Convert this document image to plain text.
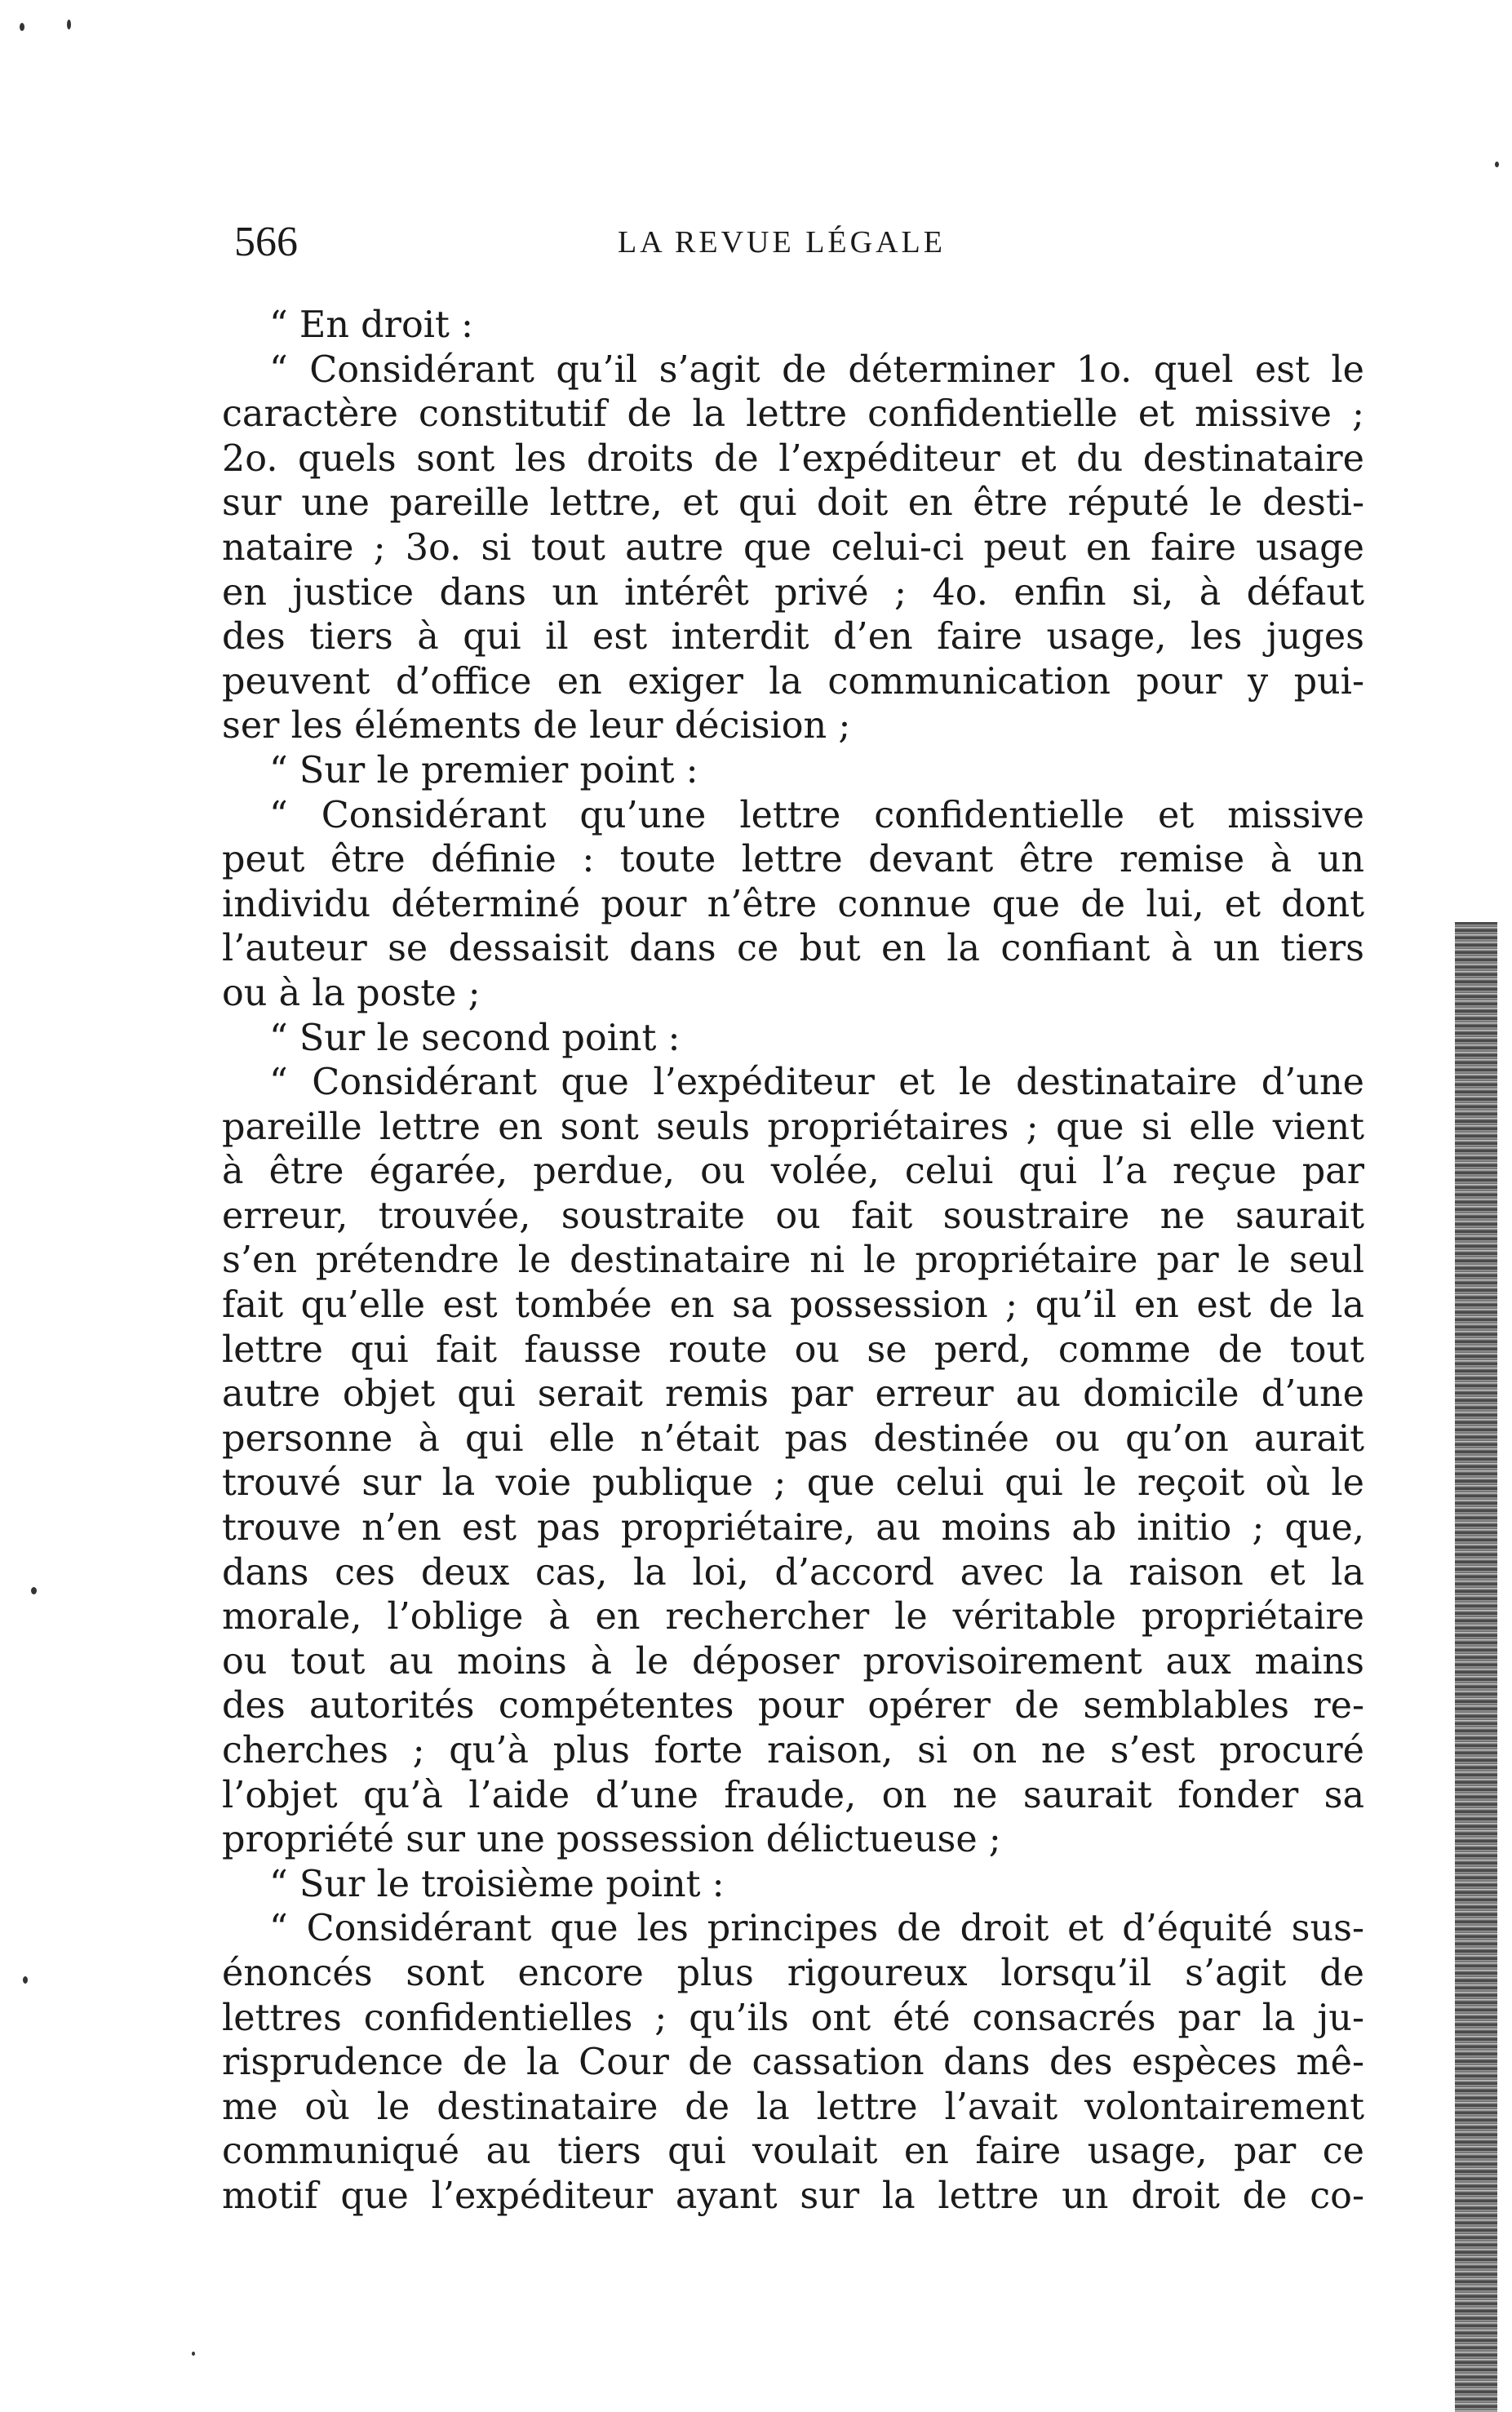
566	LA REVUE LÉGALE
“ En droit :
“ Considérant qu’il s’agit de déterminer 1o. quel est le
caractère constitutif de la lettre confidentielle et missive ;
2o. quels sont les droits de l’expéditeur et du destinataire
sur une pareille lettre, et qui doit en être réputé le desti-
nataire ; 3o. si tout autre que celui-ci peut en faire usage
en justice dans un intérêt privé ; 4o. enfin si, à défaut
des tiers à qui il est interdit d’en faire usage, les juges
peuvent d’office en exiger la communication pour y pui-
ser les éléments de leur décision ;
“ Sur le premier point :
“ Considérant qu’une lettre confidentielle et missive
peut être définie : toute lettre devant être remise à un
individu déterminé pour n’être connue que de lui, et dont
l’auteur se dessaisit dans ce but en la confiant à un tiers
ou à la poste ;
“ Sur le second point :
“ Considérant que l’expéditeur et le destinataire d’une
pareille lettre en sont seuls propriétaires ; que si elle vient
à être égarée, perdue, ou volée, celui qui l’a reçue par
erreur, trouvée, soustraite ou fait soustraire ne saurait
s’en prétendre le destinataire ni le propriétaire par le seul
fait qu’elle est tombée en sa possession ; qu’il en est de la
lettre qui fait fausse route ou se perd, comme de tout
autre objet qui serait remis par erreur au domicile d’une
personne à qui elle n’était pas destinée ou qu’on aurait
trouvé sur la voie publique ; que celui qui le reçoit où le
trouve n’en est pas propriétaire, au moins ab initio ; que,
dans ces deux cas, la loi, d’accord avec la raison et la
morale, l’oblige à en rechercher le véritable propriétaire
ou tout au moins à le déposer provisoirement aux mains
des autorités compétentes pour opérer de semblables re-
cherches ; qu’à plus forte raison, si on ne s’est procuré
l’objet qu’à l’aide d’une fraude, on ne saurait fonder sa
propriété sur une possession délictueuse ;
“ Sur le troisième point :
“ Considérant que les principes de droit et d’équité sus-
énoncés sont encore plus rigoureux lorsqu’il s’agit de
lettres confidentielles ; qu’ils ont été consacrés par la ju-
risprudence de la Cour de cassation dans des espèces mê-
me où le destinataire de la lettre l’avait volontairement
communiqué au tiers qui voulait en faire usage, par ce
motif que l’expéditeur ayant sur la lettre un droit de co-
